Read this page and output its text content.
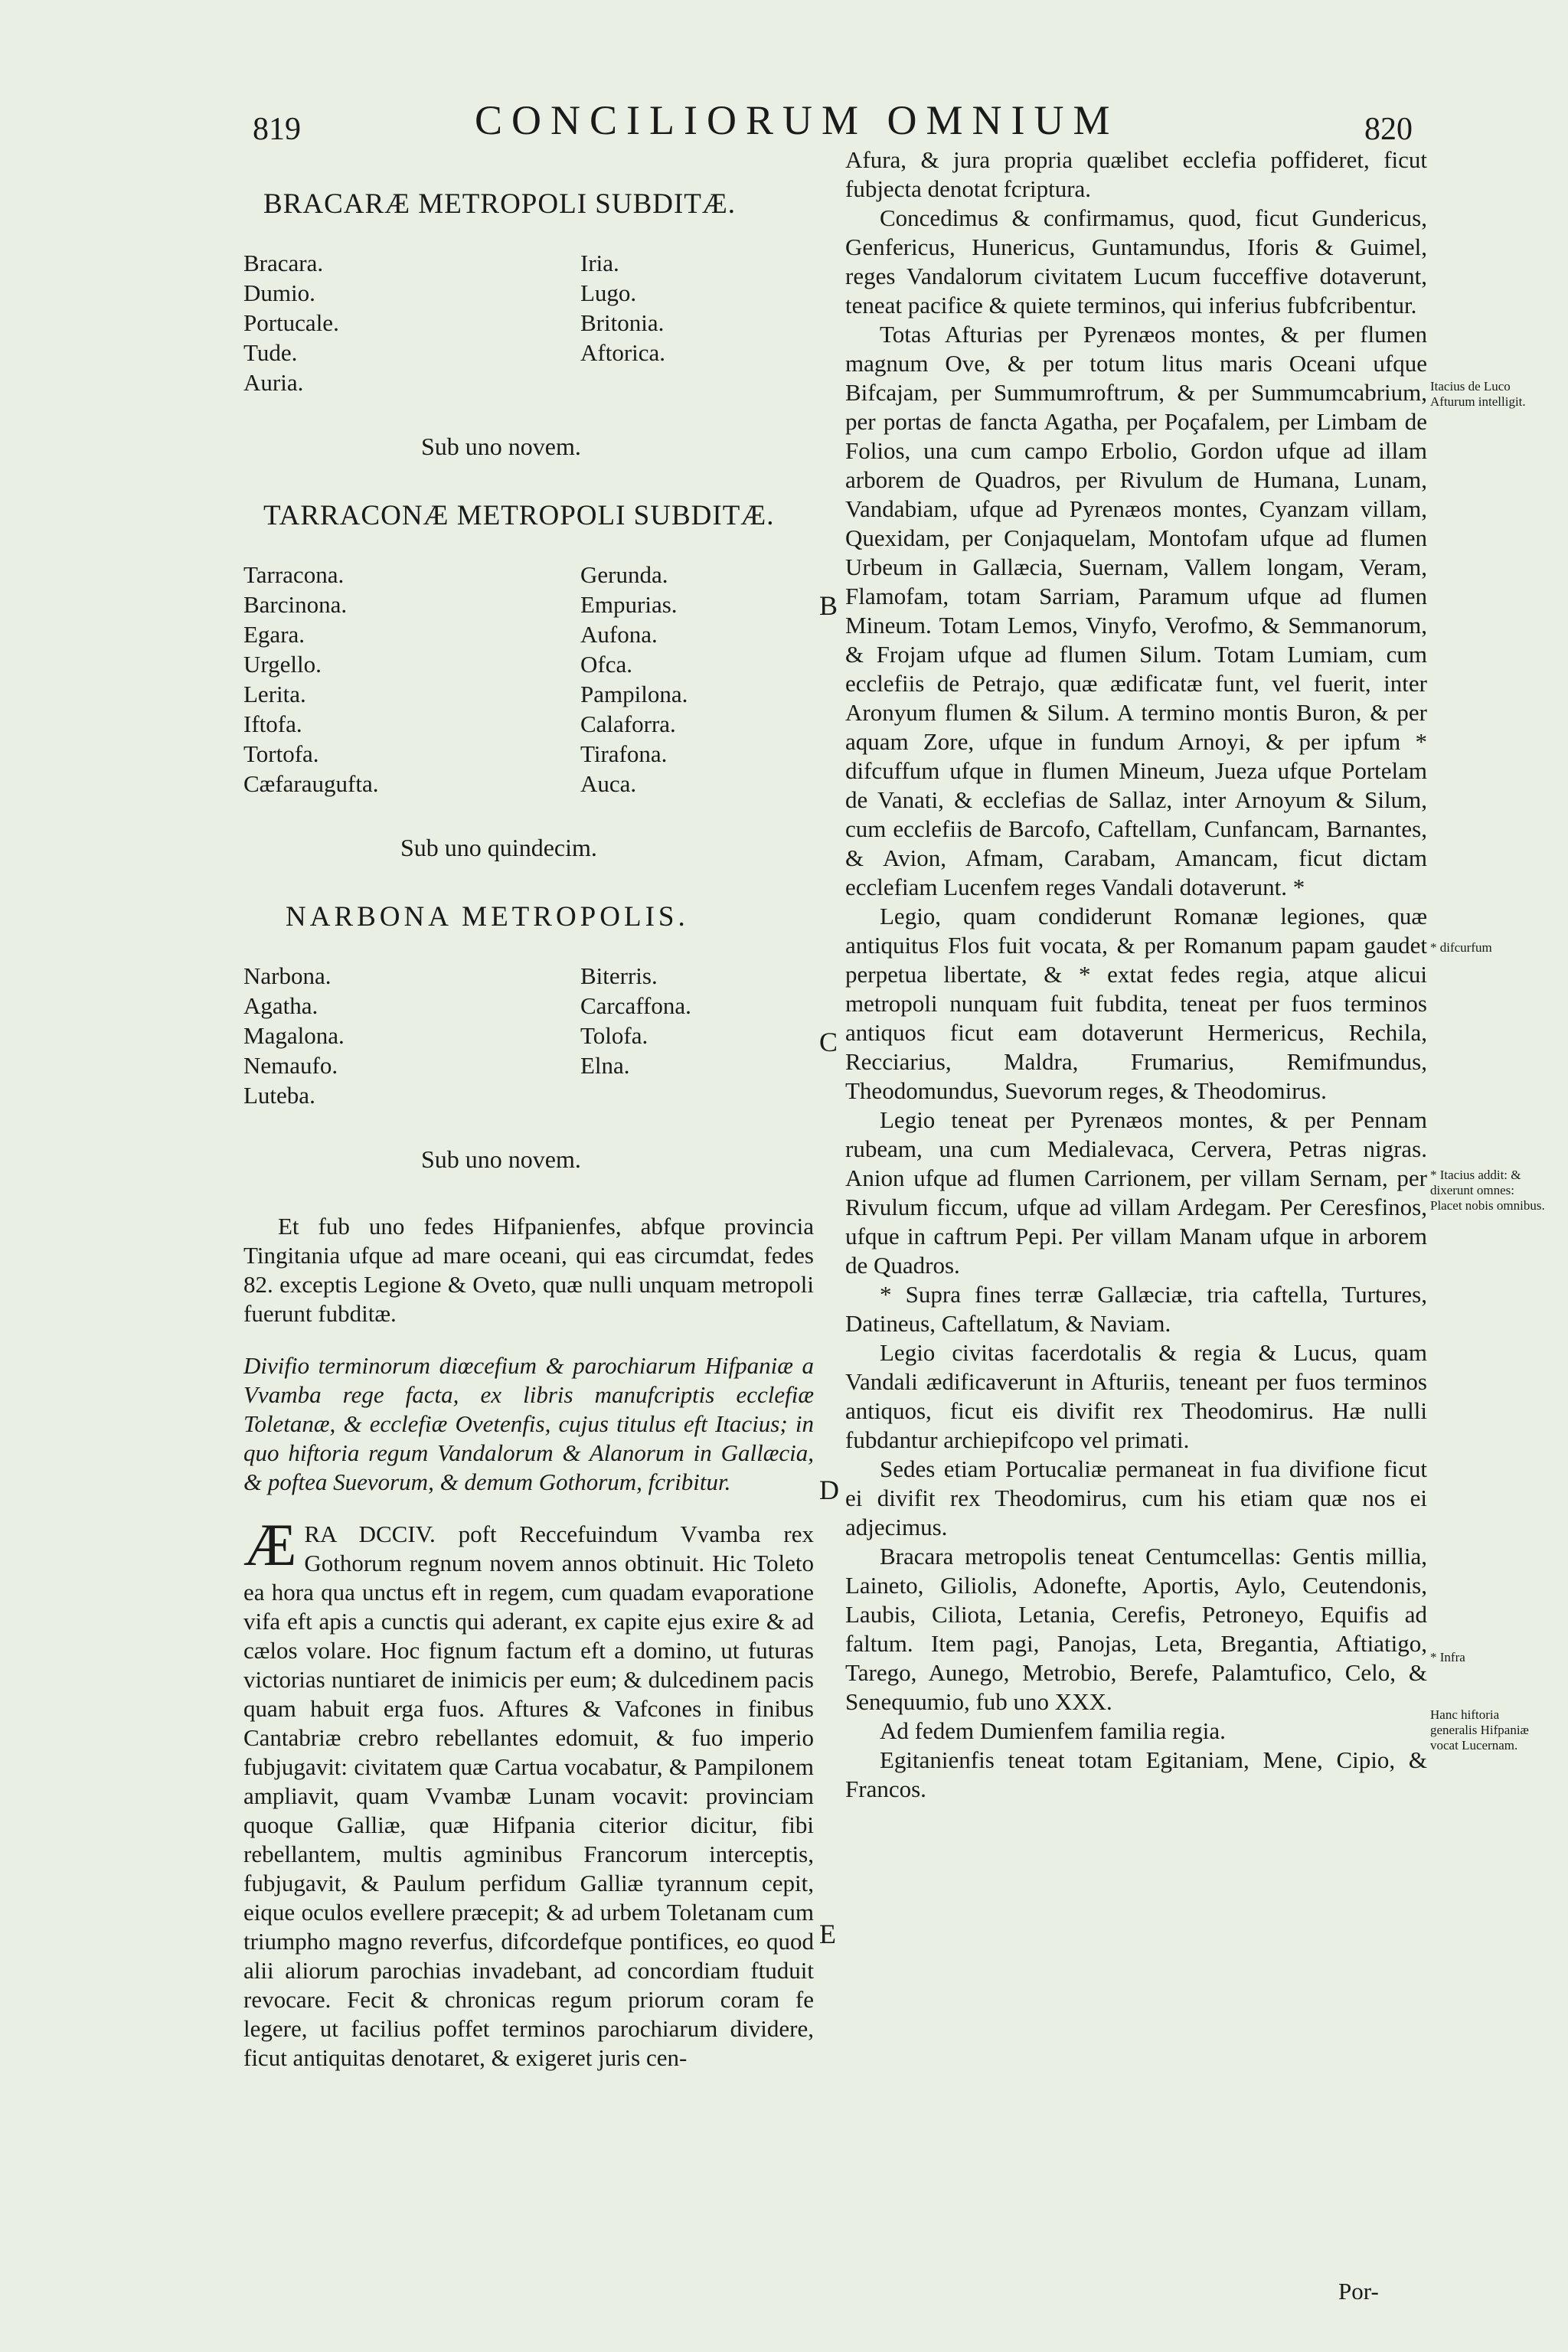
819	CONCILIORUM OMNIUM	820
BRACARÆ METROPOLI SUBDITÆ.
Bracara.	Iria.
Dumio.	Lugo.
Portucale.	Britonia.
Tude.	Aftorica.
Auria.
Sub uno novem.
TARRACONÆ METROPOLI SUBDITÆ.
Tarracona.	Gerunda.
Barcinona.	Empurias.
Egara.	Aufona.
Urgello.	Ofca.
Lerita.	Pampilona.
Iftofa.	Calaforra.
Tortofa.	Tirafona.
Cæfaraugufta.	Auca.
Sub uno quindecim.
NARBONA METROPOLIS.
Narbona.	Biterris.
Agatha.	Carcaffona.
Magalona.	Tolofa.
Nemaufo.	Elna.
Luteba.
Sub uno novem.
Et fub uno fedes Hifpanienfes, abfque provincia Tingitania ufque ad mare oceani, qui eas circumdat, fedes 82. exceptis Legione & Oveto, quæ nulli unquam metropoli fuerunt fubditæ.
Divifio terminorum diœcefium & parochiarum Hifpaniæ a Vvamba rege facta, ex libris manufcriptis ecclefiæ Toletanæ, & ecclefiæ Ovetenfis, cujus titulus eft Itacius; in quo hiftoria regum Vandalorum & Alanorum in Gallæcia, & poftea Suevorum, & demum Gothorum, fcribitur.
ÆRA DCCIV. poft Reccefuindum Vvamba rex Gothorum regnum novem annos obtinuit. Hic Toleto ea hora qua unctus eft in regem, cum quadam evaporatione vifa eft apis a cunctis qui aderant, ex capite ejus exire & ad cælos volare. Hoc fignum factum eft a domino, ut futuras victorias nuntiaret de inimicis per eum; & dulcedinem pacis quam habuit erga fuos. Aftures & Vafcones in finibus Cantabriæ crebro rebellantes edomuit, & fuo imperio fubjugavit: civitatem quæ Cartua vocabatur, & Pampilonem ampliavit, quam Vvambæ Lunam vocavit: provinciam quoque Galliæ, quæ Hifpania citerior dicitur, fibi rebellantem, multis agminibus Francorum interceptis, fubjugavit, & Paulum perfidum Galliæ tyrannum cepit, eique oculos evellere præcepit; & ad urbem Toletanam cum triumpho magno reverfus, difcordefque pontifices, eo quod alii aliorum parochias invadebant, ad concordiam ftuduit revocare. Fecit & chronicas regum priorum coram fe legere, ut facilius poffet terminos parochiarum dividere, ficut antiquitas denotaret, & exigeret juris cen-
Afura, & jura propria quælibet ecclefia poffideret, ficut fubjecta denotat fcriptura.
Concedimus & confirmamus, quod, ficut Gundericus, Genfericus, Hunericus, Guntamundus, Iforis & Guimel, reges Vandalorum civitatem Lucum fucceffive dotaverunt, teneat pacifice & quiete terminos, qui inferius fubfcribentur.
Totas Afturias per Pyrenæos montes, & per flumen magnum Ove, & per totum litus maris Oceani ufque Bifcajam, per Summumroftrum, & per Summumcabrium, per portas de fancta Agatha, per Poçafalem, per Limbam de Folios, una cum campo Erbolio, Gordon ufque ad illam arborem de Quadros, per Rivulum de Humana, Lunam, Vandabiam, ufque ad Pyrenæos montes, Cyanzam villam, Quexidam, per Conjaquelam, Montofam ufque ad flumen Urbeum in Gallæcia, Suernam, Vallem longam, Veram, Flamofam, totam Sarriam, Paramum ufque ad flumen Mineum. Totam Lemos, Vinyfo, Verofmo, & Semmanorum, & Frojam ufque ad flumen Silum. Totam Lumiam, cum ecclefiis de Petrajo, quæ ædificatæ funt, vel fuerit, inter Aronyum flumen & Silum. A termino montis Buron, & per aquam Zore, ufque in fundum Arnoyi, & per ipfum * difcuffum ufque in flumen Mineum, Jueza ufque Portelam de Vanati, & ecclefias de Sallaz, inter Arnoyum & Silum, cum ecclefiis de Barcofo, Caftellam, Cunfancam, Barnantes, & Avion, Afmam, Carabam, Amancam, ficut dictam ecclefiam Lucenfem reges Vandali dotaverunt. *
Legio, quam condiderunt Romanæ legiones, quæ antiquitus Flos fuit vocata, & per Romanum papam gaudet perpetua libertate, & * extat fedes regia, atque alicui metropoli nunquam fuit fubdita, teneat per fuos terminos antiquos ficut eam dotaverunt Hermericus, Rechila, Recciarius, Maldra, Frumarius, Remifmundus, Theodomundus, Suevorum reges, & Theodomirus.
Legio teneat per Pyrenæos montes, & per Pennam rubeam, una cum Medialevaca, Cervera, Petras nigras. Anion ufque ad flumen Carrionem, per villam Sernam, per Rivulum ficcum, ufque ad villam Ardegam. Per Ceresfinos, ufque in caftrum Pepi. Per villam Manam ufque in arborem de Quadros.
* Supra fines terræ Gallæciæ, tria caftella, Turtures, Datineus, Caftellatum, & Naviam.
Legio civitas facerdotalis & regia & Lucus, quam Vandali ædificaverunt in Afturiis, teneant per fuos terminos antiquos, ficut eis divifit rex Theodomirus. Hæ nulli fubdantur archiepifcopo vel primati.
Sedes etiam Portucaliæ permaneat in fua divifione ficut ei divifit rex Theodomirus, cum his etiam quæ nos ei adjecimus.
Bracara metropolis teneat Centumcellas: Gentis millia, Laineto, Giliolis, Adonefte, Aportis, Aylo, Ceutendonis, Laubis, Ciliota, Letania, Cerefis, Petroneyo, Equifis ad faltum. Item pagi, Panojas, Leta, Bregantia, Aftiatigo, Tarego, Aunego, Metrobio, Berefe, Palamtufico, Celo, & Senequumio, fub uno XXX.
Ad fedem Dumienfem familia regia.
Egitanienfis teneat totam Egitaniam, Mene, Cipio, & Francos.
Por-
B
C
D
E
Itacius de Luco Afturum intelligit.
* difcurfum
* Itacius addit: & dixerunt omnes: Placet nobis omnibus.
* Infra
Hanc hiftoria generalis Hifpaniæ vocat Lucernam.
